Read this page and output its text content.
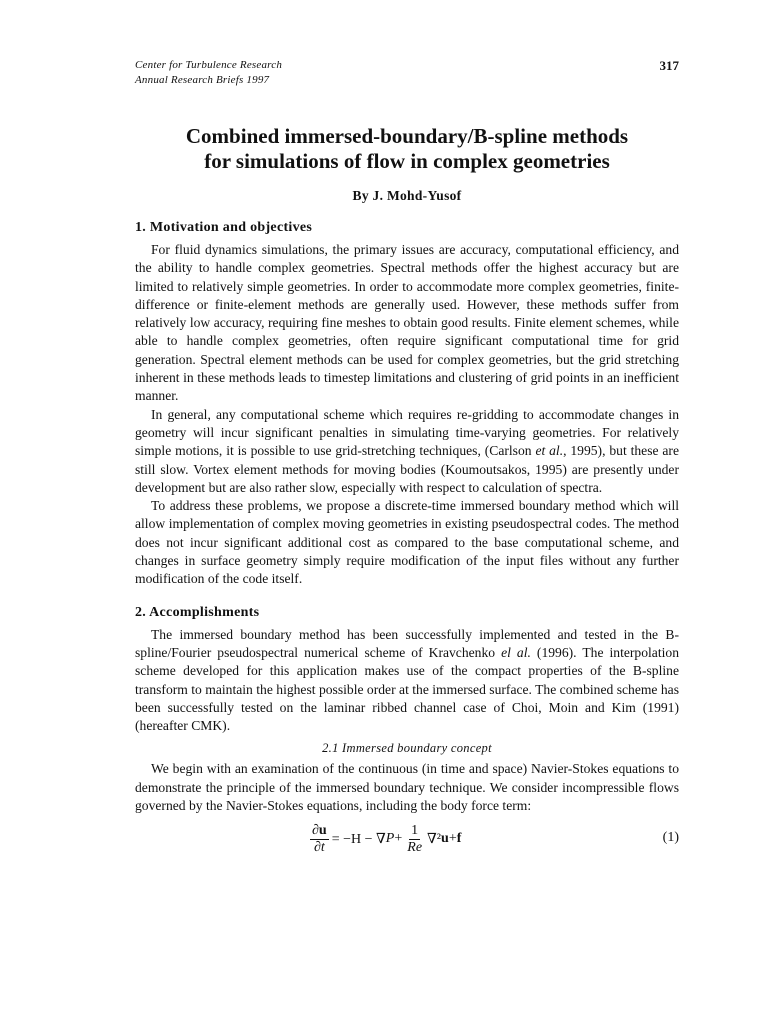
Center for Turbulence Research
Annual Research Briefs 1997
317
Combined immersed-boundary/B-spline methods
for simulations of flow in complex geometries
By J. Mohd-Yusof
1. Motivation and objectives

For fluid dynamics simulations, the primary issues are accuracy, computational efficiency, and the ability to handle complex geometries. Spectral methods offer the highest accuracy but are limited to relatively simple geometries. In order to accommodate more complex geometries, finite-difference or finite-element methods are generally used. However, these methods suffer from relatively low accuracy, requiring fine meshes to obtain good results. Finite element schemes, while able to handle complex geometries, often require significant computational time for grid generation. Spectral element methods can be used for complex geometries, but the grid stretching inherent in these methods leads to timestep limitations and clustering of grid points in an inefficient manner.

In general, any computational scheme which requires re-gridding to accommodate changes in geometry will incur significant penalties in simulating time-varying geometries. For relatively simple motions, it is possible to use grid-stretching techniques, (Carlson et al., 1995), but these are still slow. Vortex element methods for moving bodies (Koumoutsakos, 1995) are presently under development but are also rather slow, especially with respect to calculation of spectra.

To address these problems, we propose a discrete-time immersed boundary method which will allow implementation of complex moving geometries in existing pseudospectral codes. The method does not incur significant additional cost as compared to the base computational scheme, and changes in surface geometry simply require modification of the input files without any further modification of the code itself.

2. Accomplishments

The immersed boundary method has been successfully implemented and tested in the B-spline/Fourier pseudospectral numerical scheme of Kravchenko el al. (1996). The interpolation scheme developed for this application makes use of the compact properties of the B-spline transform to maintain the highest possible order at the immersed surface. The combined scheme has been successfully tested on the laminar ribbed channel case of Choi, Moin and Kim (1991) (hereafter CMK).

2.1 Immersed boundary concept

We begin with an examination of the continuous (in time and space) Navier-Stokes equations to demonstrate the principle of the immersed boundary technique. We consider incompressible flows governed by the Navier-Stokes equations, including the body force term:

$\frac{\partial u}{\partial t} = -H$ − ∇ $P + \frac{1}{Re} \nabla^2$ u + f	(1)
